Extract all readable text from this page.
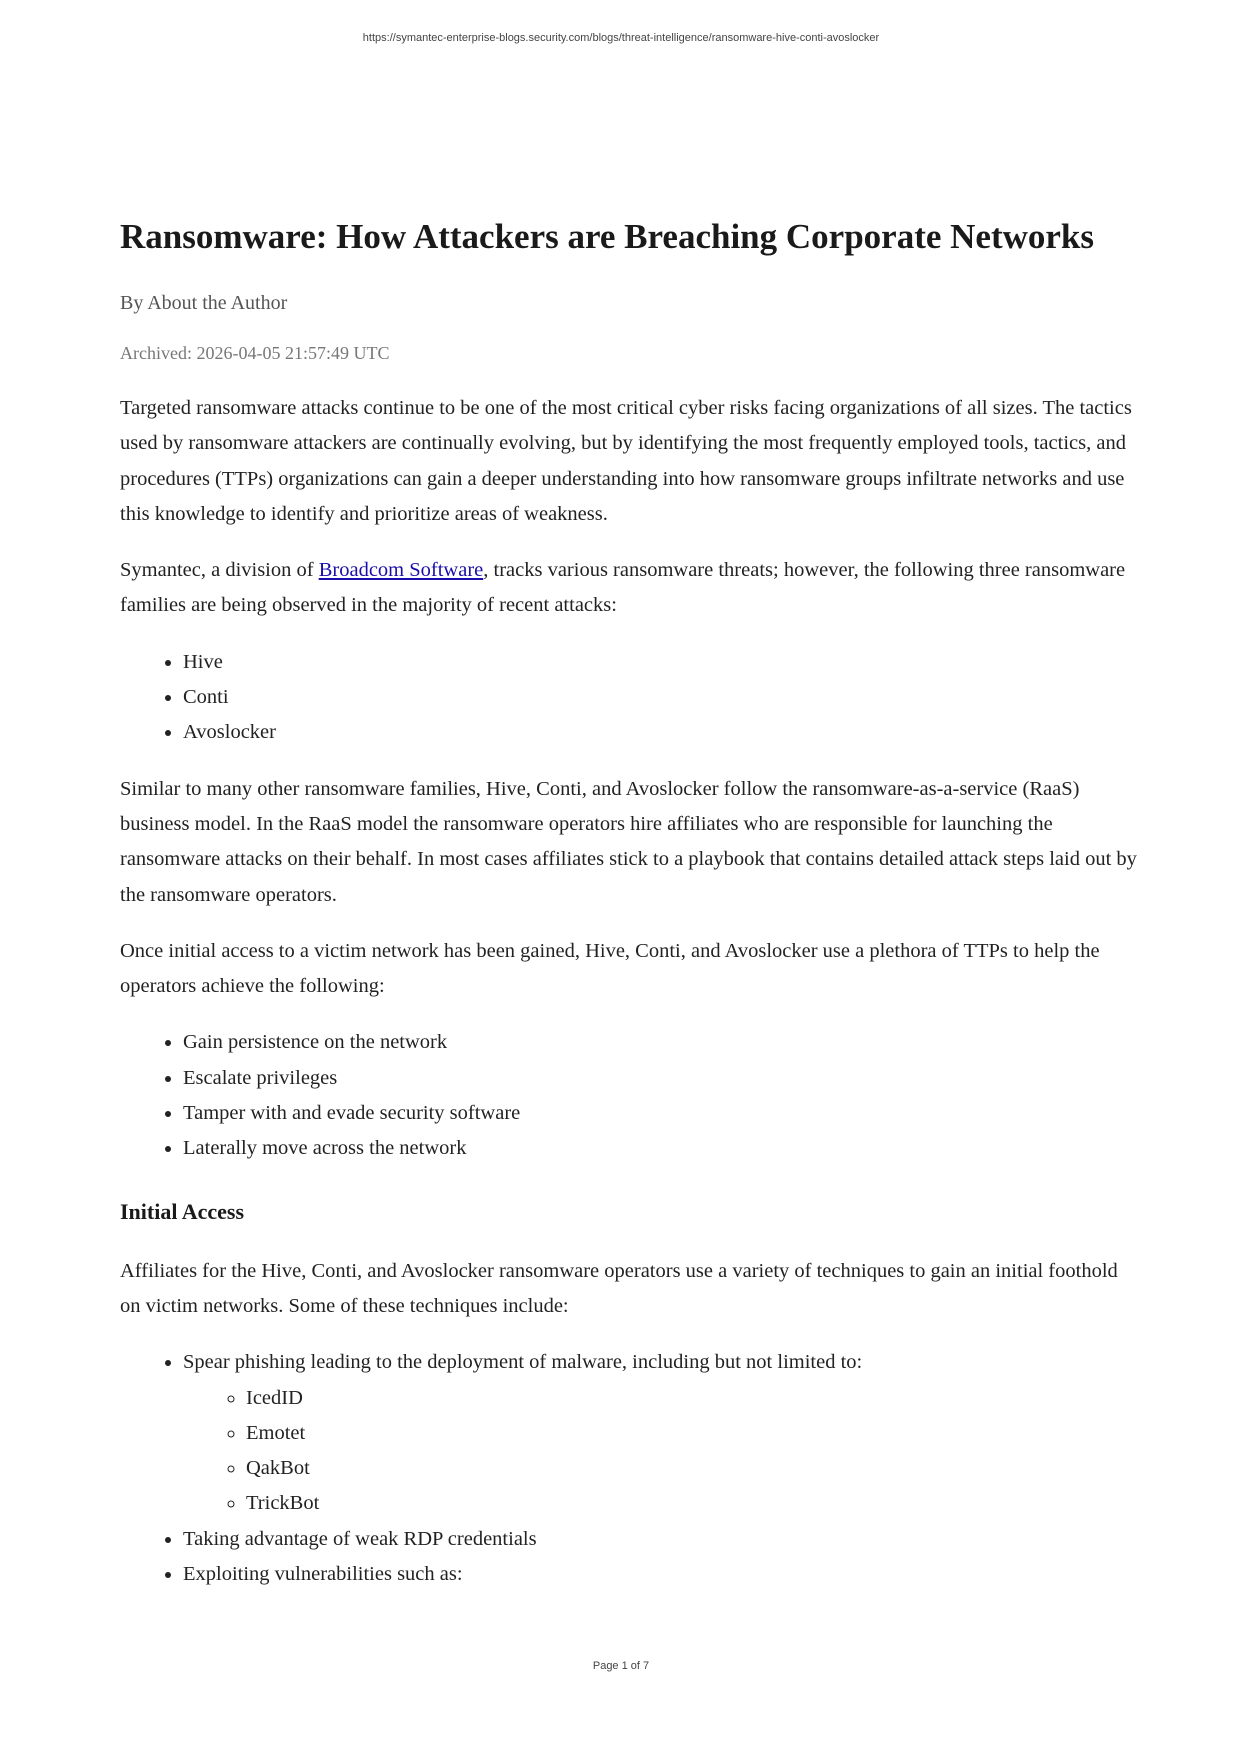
https://symantec-enterprise-blogs.security.com/blogs/threat-intelligence/ransomware-hive-conti-avoslocker
Ransomware: How Attackers are Breaching Corporate Networks
By About the Author
Archived: 2026-04-05 21:57:49 UTC

Targeted ransomware attacks continue to be one of the most critical cyber risks facing organizations of all sizes. The tactics used by ransomware attackers are continually evolving, but by identifying the most frequently employed tools, tactics, and procedures (TTPs) organizations can gain a deeper understanding into how ransomware groups infiltrate networks and use this knowledge to identify and prioritize areas of weakness.

Symantec, a division of Broadcom Software, tracks various ransomware threats; however, the following three ransomware families are being observed in the majority of recent attacks:

• Hive
• Conti
• Avoslocker

Similar to many other ransomware families, Hive, Conti, and Avoslocker follow the ransomware-as-a-service (RaaS) business model. In the RaaS model the ransomware operators hire affiliates who are responsible for launching the ransomware attacks on their behalf. In most cases affiliates stick to a playbook that contains detailed attack steps laid out by the ransomware operators.

Once initial access to a victim network has been gained, Hive, Conti, and Avoslocker use a plethora of TTPs to help the operators achieve the following:

• Gain persistence on the network
• Escalate privileges
• Tamper with and evade security software
• Laterally move across the network
Initial Access

Affiliates for the Hive, Conti, and Avoslocker ransomware operators use a variety of techniques to gain an initial foothold on victim networks. Some of these techniques include:

• Spear phishing leading to the deployment of malware, including but not limited to:
◦ IcedID
◦ Emotet
◦ QakBot
◦ TrickBot
• Taking advantage of weak RDP credentials
• Exploiting vulnerabilities such as:
Page 1 of 7
